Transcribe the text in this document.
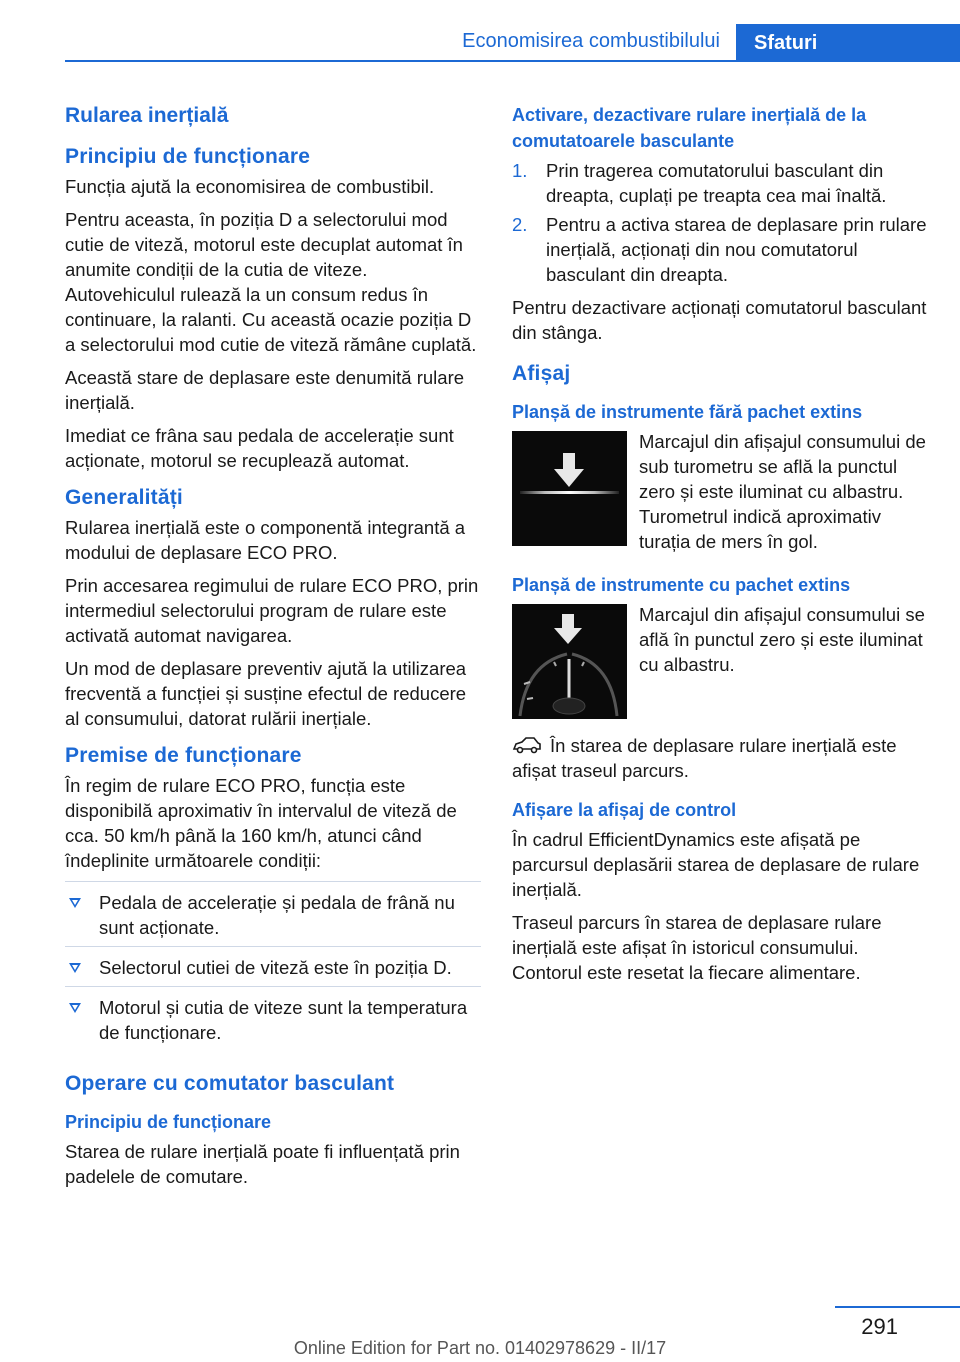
Economisirea combustibilului	Sfaturi
Rularea inerțială
Principiu de funcționare

Funcția ajută la economisirea de combustibil.

Pentru aceasta, în poziția D a selectorului mod cutie de viteză, motorul este decuplat automat în anumite condiții de la cutia de viteze. Autovehiculul rulează la un consum redus în continuare, la ralanti. Cu această ocazie poziția D a selectorului mod cutie de viteză rămâne cuplată.

Această stare de deplasare este denumită rulare inerțială.

Imediat ce frâna sau pedala de accelerație sunt acționate, motorul se recuplează automat.

Generalități

Rularea inerțială este o componentă integrantă a modului de deplasare ECO PRO.

Prin accesarea regimului de rulare ECO PRO, prin intermediul selectorului program de rulare este activată automat navigarea.

Un mod de deplasare preventiv ajută la utilizarea frecventă a funcției și susține efectul de reducere al consumului, datorat rulării inerțiale.

Premise de funcționare

În regim de rulare ECO PRO, funcția este disponibilă aproximativ în intervalul de viteză de cca. 50 km/h până la 160 km/h, atunci când îndeplinite următoarele condiții:

Pedala de accelerație și pedala de frână nu sunt acționate.
Selectorul cutiei de viteză este în poziția D.
Motorul și cutia de viteze sunt la temperatura de funcționare.
Operare cu comutator basculant
Principiu de funcționare

Starea de rulare inerțială poate fi influențată prin padelele de comutare.

Activare, dezactivare rulare inerțială de la comutatoarele basculante
1. Prin tragerea comutatorului basculant din dreapta, cuplați pe treapta cea mai înaltă.
2. Pentru a activa starea de deplasare prin rulare inerțială, acționați din nou comutatorul basculant din dreapta.

Pentru dezactivare acționați comutatorul basculant din stânga.

Afișaj
Planșă de instrumente fără pachet extins

Marcajul din afișajul consumului de sub turometru se află la punctul zero și este iluminat cu albastru. Turometrul indică aproximativ turația de mers în gol.

Planșă de instrumente cu pachet extins

Marcajul din afișajul consumului se află în punctul zero și este iluminat cu albastru.

În starea de deplasare rulare inerțială este afișat traseul parcurs.

Afișare la afișaj de control

În cadrul EfficientDynamics este afișată pe parcursul deplasării starea de deplasare de rulare inerțială.

Traseul parcurs în starea de deplasare rulare inerțială este afișat în istoricul consumului. Contorul este resetat la fiecare alimentare.

291
Online Edition for Part no. 01402978629 - II/17
